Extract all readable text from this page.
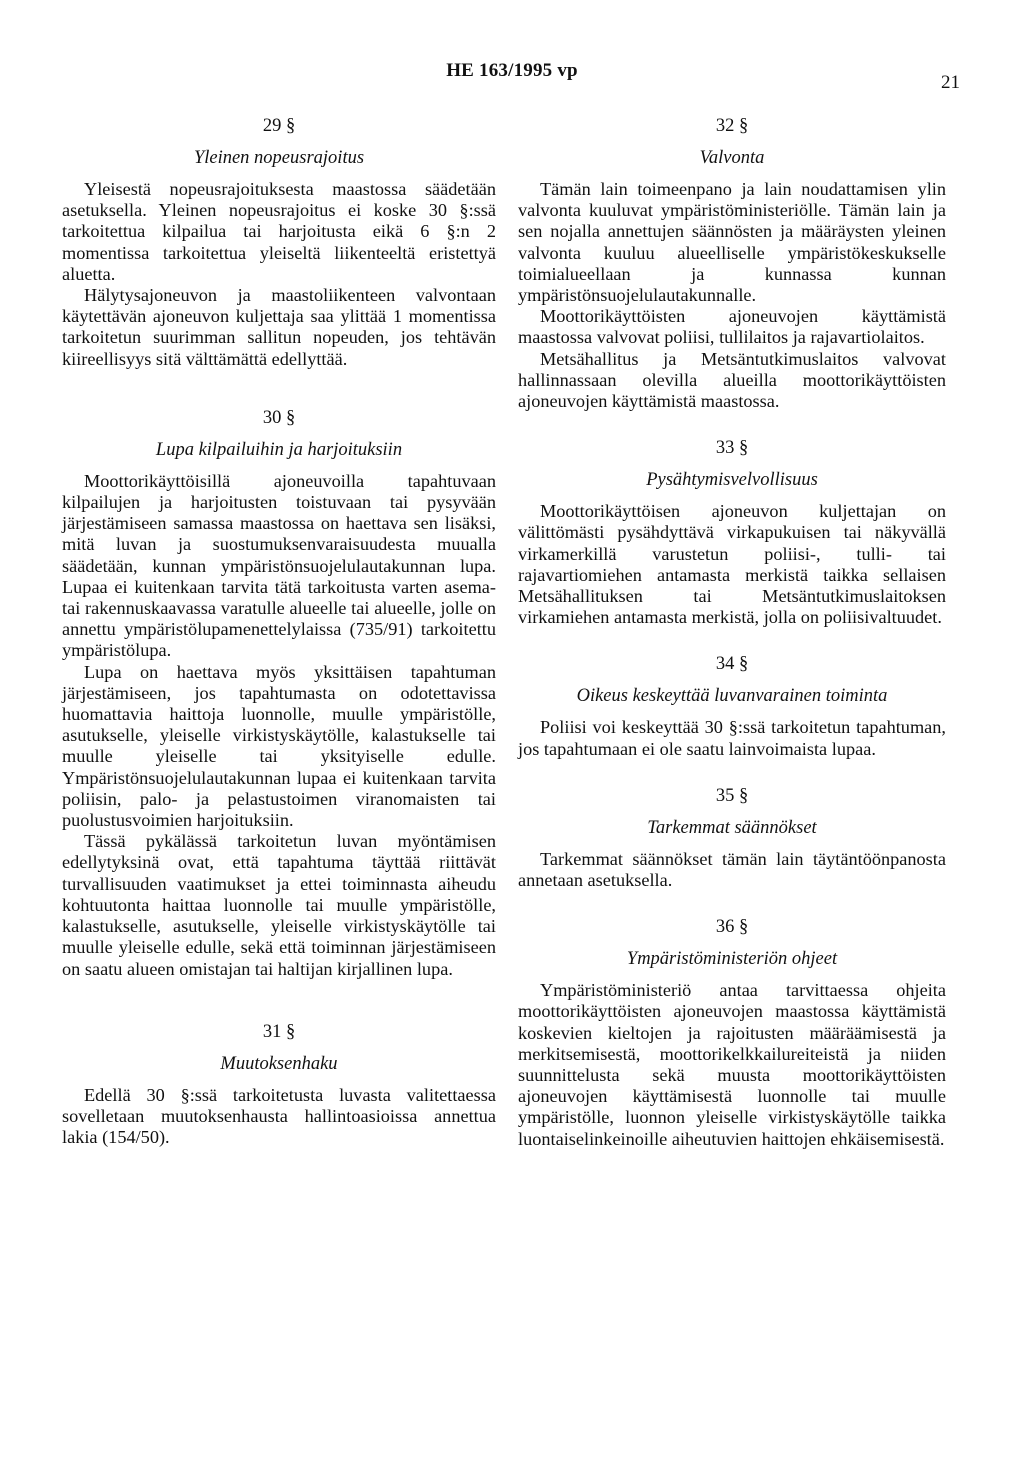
HE 163/1995 vp
21
29 §
Yleinen nopeusrajoitus

Yleisestä nopeusrajoituksesta maastossa säädetään asetuksella. Yleinen nopeusrajoitus ei koske 30 §:ssä tarkoitettua kilpailua tai harjoitusta eikä 6 §:n 2 momentissa tarkoitettua yleiseltä liikenteeltä eristettyä aluetta.

Hälytysajoneuvon ja maastoliikenteen valvontaan käytettävän ajoneuvon kuljettaja saa ylittää 1 momentissa tarkoitetun suurimman sallitun nopeuden, jos tehtävän kiireellisyys sitä välttämättä edellyttää.

30 §
Lupa kilpailuihin ja harjoituksiin

Moottorikäyttöisillä ajoneuvoilla tapahtuvaan kilpailujen ja harjoitusten toistuvaan tai pysyvään järjestämiseen samassa maastossa on haettava sen lisäksi, mitä luvan ja suostumuksenvaraisuudesta muualla säädetään, kunnan ympäristönsuojelulautakunnan lupa. Lupaa ei kuitenkaan tarvita tätä tarkoitusta varten asema- tai rakennuskaavassa varatulle alueelle tai alueelle, jolle on annettu ympäristölupamenettelylaissa (735/91) tarkoitettu ympäristölupa.

Lupa on haettava myös yksittäisen tapahtuman järjestämiseen, jos tapahtumasta on odotettavissa huomattavia haittoja luonnolle, muulle ympäristölle, asutukselle, yleiselle virkistyskäytölle, kalastukselle tai muulle yleiselle tai yksityiselle edulle. Ympäristönsuojelulautakunnan lupaa ei kuitenkaan tarvita poliisin, palo- ja pelastustoimen viranomaisten tai puolustusvoimien harjoituksiin.

Tässä pykälässä tarkoitetun luvan myöntämisen edellytyksinä ovat, että tapahtuma täyttää riittävät turvallisuuden vaatimukset ja ettei toiminnasta aiheudu kohtuutonta haittaa luonnolle tai muulle ympäristölle, kalastukselle, asutukselle, yleiselle virkistyskäytölle tai muulle yleiselle edulle, sekä että toiminnan järjestämiseen on saatu alueen omistajan tai haltijan kirjallinen lupa.

31 §
Muutoksenhaku

Edellä 30 §:ssä tarkoitetusta luvasta valitettaessa sovelletaan muutoksenhausta hallintoasioissa annettua lakia (154/50).

32 §
Valvonta

Tämän lain toimeenpano ja lain noudattamisen ylin valvonta kuuluvat ympäristöministeriölle. Tämän lain ja sen nojalla annettujen säännösten ja määräysten yleinen valvonta kuuluu alueelliselle ympäristökeskukselle toimialueellaan ja kunnassa kunnan ympäristönsuojelulautakunnalle.

Moottorikäyttöisten ajoneuvojen käyttämistä maastossa valvovat poliisi, tullilaitos ja rajavartiolaitos.

Metsähallitus ja Metsäntutkimuslaitos valvovat hallinnassaan olevilla alueilla moottorikäyttöisten ajoneuvojen käyttämistä maastossa.

33 §
Pysähtymisvelvollisuus

Moottorikäyttöisen ajoneuvon kuljettajan on välittömästi pysähdyttävä virkapukuisen tai näkyvällä virkamerkillä varustetun poliisi-, tulli- tai rajavartiomiehen antamasta merkistä taikka sellaisen Metsähallituksen tai Metsäntutkimuslaitoksen virkamiehen antamasta merkistä, jolla on poliisivaltuudet.

34 §
Oikeus keskeyttää luvanvarainen toiminta

Poliisi voi keskeyttää 30 §:ssä tarkoitetun tapahtuman, jos tapahtumaan ei ole saatu lainvoimaista lupaa.

35 §
Tarkemmat säännökset

Tarkemmat säännökset tämän lain täytäntöönpanosta annetaan asetuksella.

36 §
Ympäristöministeriön ohjeet

Ympäristöministeriö antaa tarvittaessa ohjeita moottorikäyttöisten ajoneuvojen maastossa käyttämistä koskevien kieltojen ja rajoitusten määräämisestä ja merkitsemisestä, moottorikelkkailureiteistä ja niiden suunnittelusta sekä muusta moottorikäyttöisten ajoneuvojen käyttämisestä luonnolle tai muulle ympäristölle, luonnon yleiselle virkistyskäytölle taikka luontaiselinkeinoille aiheutuvien haittojen ehkäisemisestä.
